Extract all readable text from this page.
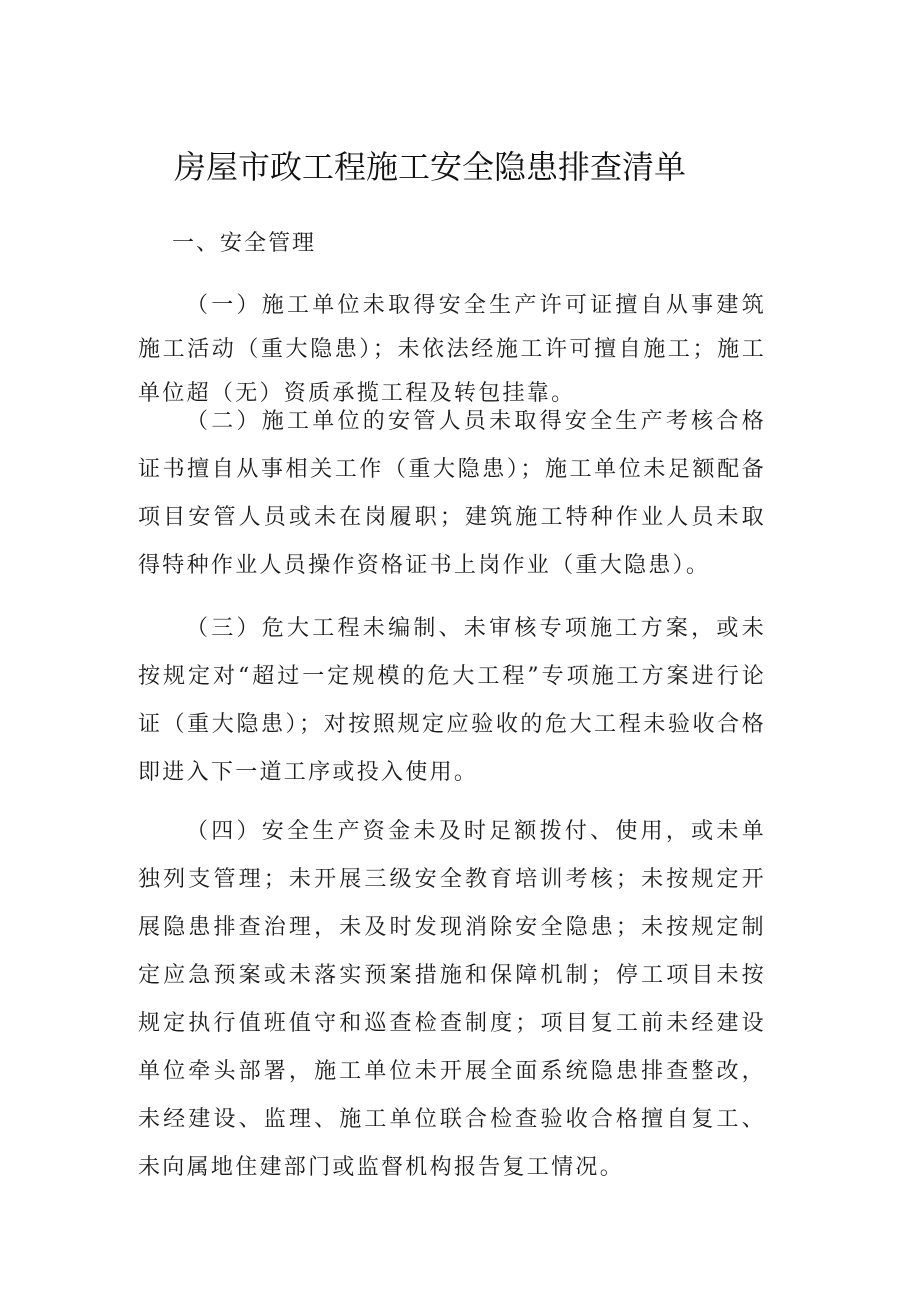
房屋市政工程施工安全隐患排查清单
一、安全管理

（一）施工单位未取得安全生产许可证擅自从事建筑施工活动（重大隐患）；未依法经施工许可擅自施工；施工单位超（无）资质承揽工程及转包挂靠。

（二）施工单位的安管人员未取得安全生产考核合格证书擅自从事相关工作（重大隐患）；施工单位未足额配备项目安管人员或未在岗履职；建筑施工特种作业人员未取得特种作业人员操作资格证书上岗作业（重大隐患）。

（三）危大工程未编制、未审核专项施工方案，或未按规定对“超过一定规模的危大工程”专项施工方案进行论证（重大隐患）；对按照规定应验收的危大工程未验收合格即进入下一道工序或投入使用。

（四）安全生产资金未及时足额拨付、使用，或未单独列支管理；未开展三级安全教育培训考核；未按规定开展隐患排查治理，未及时发现消除安全隐患；未按规定制定应急预案或未落实预案措施和保障机制；停工项目未按规定执行值班值守和巡查检查制度；项目复工前未经建设单位牵头部署，施工单位未开展全面系统隐患排查整改，未经建设、监理、施工单位联合检查验收合格擅自复工、未向属地住建部门或监督机构报告复工情况。
